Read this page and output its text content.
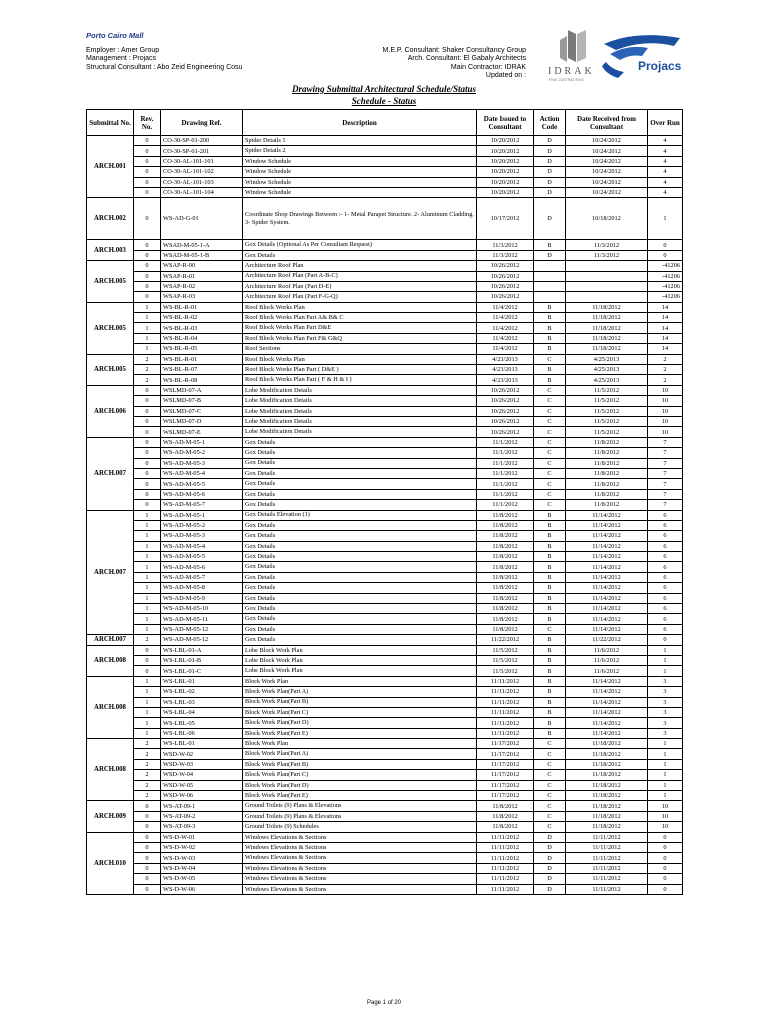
Porto Cairo Mall
Employer : Amer Group
Management : Projacs
Structural Consultant : Abo Zeid Engineering Cosu
M.E.P. Consultant: Shaker Consultancy Group
Arch. Consultant: El Gabaly Architects
Main Contractor: IDRAK
Updated on : IDRAK
FINE CONTRACTING
Projacs
Drawing Submittal Architectural Schedule/Status
Schedule - Status
Submittal No.	Rev. No.	Drawing Ref.	Description	Date Issued to Consultant	Action Code	Date Received from Consultant	Over Run
ARCH.001	0	CO-30-SP-01-200	Spider Details 1	10/20/2012	D	10/24/2012	4
	0	CO-30-SP-01-201	Spider Details 2	10/20/2012	D	10/24/2012	4
	0	CO-30-AL-101-101	Window Schedule	10/20/2012	D	10/24/2012	4
	0	CO-30-AL-101-102	Window Schedule	10/20/2012	D	10/24/2012	4
	0	CO-30-AL-101-103	Window Schedule	10/20/2012	D	10/24/2012	4
	0	CO-30-AL-101-104	Window Schedule	10/20/2012	D	10/24/2012	4
ARCH.002	0	WS-AD-G-01	Coordinate Shop Drawings Between :- 1- Metal Parapet Structure. 2- Aluminum Cladding. 3- Spider System.	10/17/2012	D	10/18/2012	1
ARCH.003	0	WSAD-M-05-1-A	Gox Details (Optional As Per Consultant Request)	11/3/2012	B	11/3/2012	0
	0	WSAD-M-05-1-B	Gox Details	11/3/2012	D	11/3/2012	0
ARCH.005	0	WSAP-R-00	Architecture Roof Plan	10/26/2012			-41206
	0	WSAP-R-01	Architecture Roof Plan (Part A-B-C)	10/26/2012			-41206
	0	WSAP-R-02	Architecture Roof Plan (Part D-E)	10/26/2012			-41206
	0	WSAP-R-03	Architecture Roof Plan (Part F-G-Q)	10/26/2012			-41206
ARCH.005	1	WS-BL-R-01	Roof Block Works Plan	11/4/2012	B	11/18/2012	14
	1	WS-BL-R-02	Roof Block Works Plan Part A& B& C	11/4/2012	B	11/18/2012	14
	1	WS-BL-R-03	Roof Block Works Plan Part D&E	11/4/2012	B	11/18/2012	14
	1	WS-BL-R-04	Roof Block Works Plan Part F& G&Q	11/4/2012	B	11/18/2012	14
	1	WS-BL-R-05	Roof Sections	11/4/2012	B	11/18/2012	14
ARCH.005	2	WS-BL-R-01	Roof Block Works Plan	4/23/2013	C	4/25/2013	2
	2	WS-BL-R-07	Roof Block Works Plan Part ( D&E )	4/23/2013	B	4/25/2013	2
	2	WS-BL-R-08	Roof Block Works Plan Part ( F & H & I )	4/23/2013	B	4/25/2013	2
ARCH.006	0	WSLMD-07-A	Lobe Modification Details	10/26/2012	C	11/5/2012	10
	0	WSLMD-07-B	Lobe Modification Details	10/26/2012	C	11/5/2012	10
	0	WSLMD-07-C	Lobe Modification Details	10/26/2012	C	11/5/2012	10
	0	WSLMD-07-D	Lobe Modification Details	10/26/2012	C	11/5/2012	10
	0	WSLMD-07-E	Lobe Modification Details	10/26/2012	C	11/5/2012	10
ARCH.007	0	WS-AD-M-05-1	Gox Details	11/1/2012	C	11/8/2012	7
	0	WS-AD-M-05-2	Gox Details	11/1/2012	C	11/8/2012	7
	0	WS-AD-M-05-3	Gox Details	11/1/2012	C	11/8/2012	7
	0	WS-AD-M-05-4	Gox Details	11/1/2012	C	11/8/2012	7
	0	WS-AD-M-05-5	Gox Details	11/1/2012	C	11/8/2012	7
	0	WS-AD-M-05-6	Gox Details	11/1/2012	C	11/8/2012	7
	0	WS-AD-M-05-7	Gox Details	11/1/2012	C	11/8/2012	7
ARCH.007	1	WS-AD-M-05-1	Gox Details Elevation (1)	11/8/2012	B	11/14/2012	6
	1	WS-AD-M-05-2	Gox Details	11/8/2012	B	11/14/2012	6
	1	WS-AD-M-05-3	Gox Details	11/8/2012	B	11/14/2012	6
	1	WS-AD-M-05-4	Gox Details	11/8/2012	B	11/14/2012	6
	1	WS-AD-M-05-5	Gox Details	11/8/2012	B	11/14/2012	6
	1	WS-AD-M-05-6	Gox Details	11/8/2012	B	11/14/2012	6
	1	WS-AD-M-05-7	Gox Details	11/8/2012	B	11/14/2012	6
	1	WS-AD-M-05-8	Gox Details	11/8/2012	B	11/14/2012	6
	1	WS-AD-M-05-9	Gox Details	11/8/2012	B	11/14/2012	6
	1	WS-AD-M-05-10	Gox Details	11/8/2012	B	11/14/2012	6
	1	WS-AD-M-05-11	Gox Details	11/8/2012	B	11/14/2012	6
	1	WS-AD-M-05-12	Gox Details	11/8/2012	C	11/14/2012	6
ARCH.007	2	WS-AD-M-05-12	Gox Details	11/22/2012	B	11/22/2012	0
ARCH.008	0	WS-LBL-01-A	Lobe Block Work Plan	11/5/2012	B	11/6/2012	1
	0	WS-LBL-01-B	Lobe Block Work Plan	11/5/2012	B	11/6/2012	1
	0	WS-LBL-01-C	Lobe Block Work Plan	11/5/2012	B	11/6/2012	1
ARCH.008	1	WS-LBL-01	Block Work Plan	11/11/2012	B	11/14/2012	3
	1	WS-LBL-02	Block Work Plan(Part A)	11/11/2012	B	11/14/2012	3
	1	WS-LBL-03	Block Work Plan(Part B)	11/11/2012	B	11/14/2012	3
	1	WS-LBL-04	Block Work Plan(Part C)	11/11/2012	B	11/14/2012	3
	1	WS-LBL-05	Block Work Plan(Part D)	11/11/2012	B	11/14/2012	3
	1	WS-LBL-06	Block Work Plan(Part E)	11/11/2012	B	11/14/2012	3
ARCH.008	2	WS-LBL-01	Block Work Plan	11/17/2012	C	11/18/2012	1
	2	WSD-W-02	Block Work Plan(Part A)	11/17/2012	C	11/18/2012	1
	2	WSD-W-03	Block Work Plan(Part B)	11/17/2012	C	11/18/2012	1
	2	WSD-W-04	Block Work Plan(Part C)	11/17/2012	C	11/18/2012	1
	2	WSD-W-05	Block Work Plan(Part D)	11/17/2012	C	11/18/2012	1
	2	WSD-W-06	Block Work Plan(Part E)	11/17/2012	C	11/18/2012	1
ARCH.009	0	WS-AT-09-1	Ground Toilets (9) Plans & Elevations	11/8/2012	C	11/18/2012	10
	0	WS-AT-09-2	Ground Toilets (9) Plans & Elevations	11/8/2012	C	11/18/2012	10
	0	WS-AT-09-3	Ground Toilets (9) Schedules	11/8/2012	C	11/18/2012	10
ARCH.010	0	WS-D-W-01	Windows Elevations & Sections	11/11/2012	D	11/11/2012	0
	0	WS-D-W-02	Windows Elevations & Sections	11/11/2012	D	11/11/2012	0
	0	WS-D-W-03	Windows Elevations & Sections	11/11/2012	D	11/11/2012	0
	0	WS-D-W-04	Windows Elevations & Sections	11/11/2012	D	11/11/2012	0
	0	WS-D-W-05	Windows Elevations & Sections	11/11/2012	D	11/11/2012	0
	0	WS-D-W-06	Windows Elevations & Sections	11/11/2012	D	11/11/2012	0
Page 1 of 20
